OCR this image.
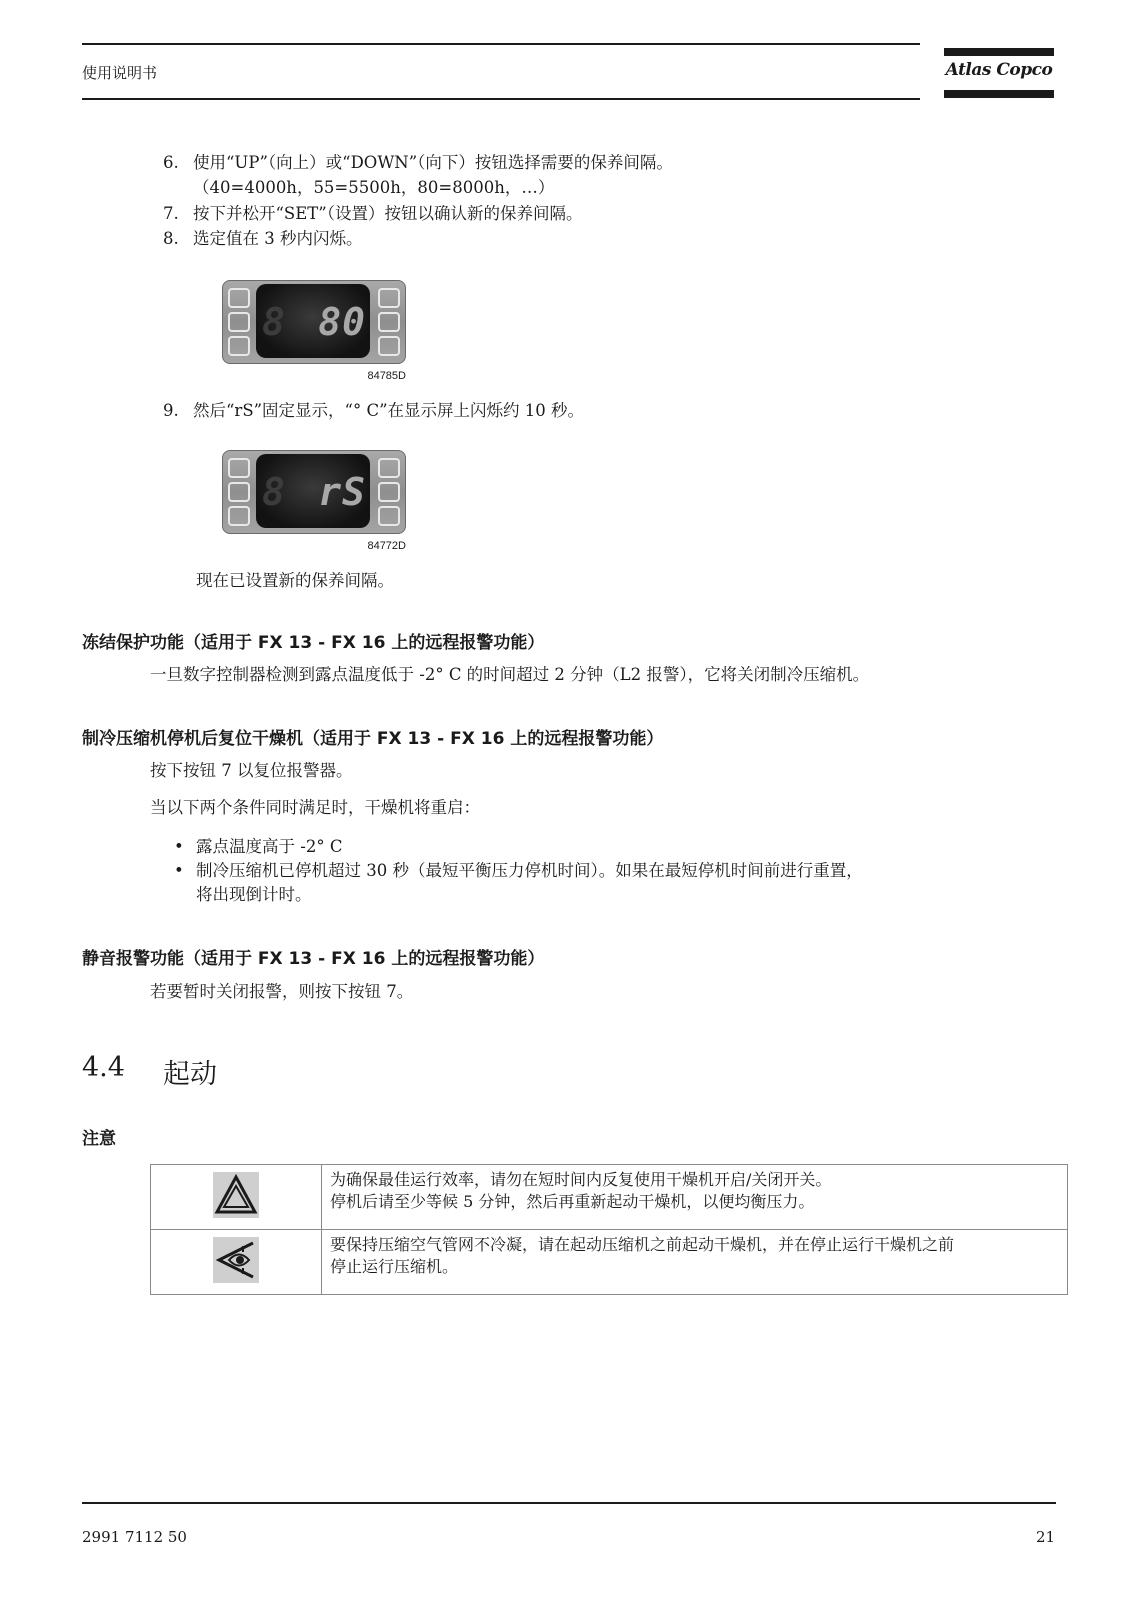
使用说明书	Atlas Copco
6. 使用“UP”（向上）或“DOWN”（向下）按钮选择需要的保养间隔。
（40=4000h，55=5500h，80=8000h，…）
7. 按下并松开“SET”（设置）按钮以确认新的保养间隔。
8. 选定值在 3 秒内闪烁。
8 80
84785D
9. 然后“rS”固定显示，“° C”在显示屏上闪烁约 10 秒。
8 rS
84772D
现在已设置新的保养间隔。
冻结保护功能（适用于 FX 13 - FX 16 上的远程报警功能）
一旦数字控制器检测到露点温度低于 -2° C 的时间超过 2 分钟（L2 报警），它将关闭制冷压缩机。
制冷压缩机停机后复位干燥机（适用于 FX 13 - FX 16 上的远程报警功能）
按下按钮 7 以复位报警器。
当以下两个条件同时满足时，干燥机将重启：
• 露点温度高于 -2° C
• 制冷压缩机已停机超过 30 秒（最短平衡压力停机时间）。如果在最短停机时间前进行重置，
将出现倒计时。
静音报警功能（适用于 FX 13 - FX 16 上的远程报警功能）
若要暂时关闭报警，则按下按钮 7。
4.4 起动
注意

为确保最佳运行效率，请勿在短时间内反复使用干燥机开启/关闭开关。
停机后请至少等候 5 分钟，然后再重新起动干燥机，以便均衡压力。

要保持压缩空气管网不冷凝，请在起动压缩机之前起动干燥机，并在停止运行干燥机之前
停止运行压缩机。
2991 7112 50	21
